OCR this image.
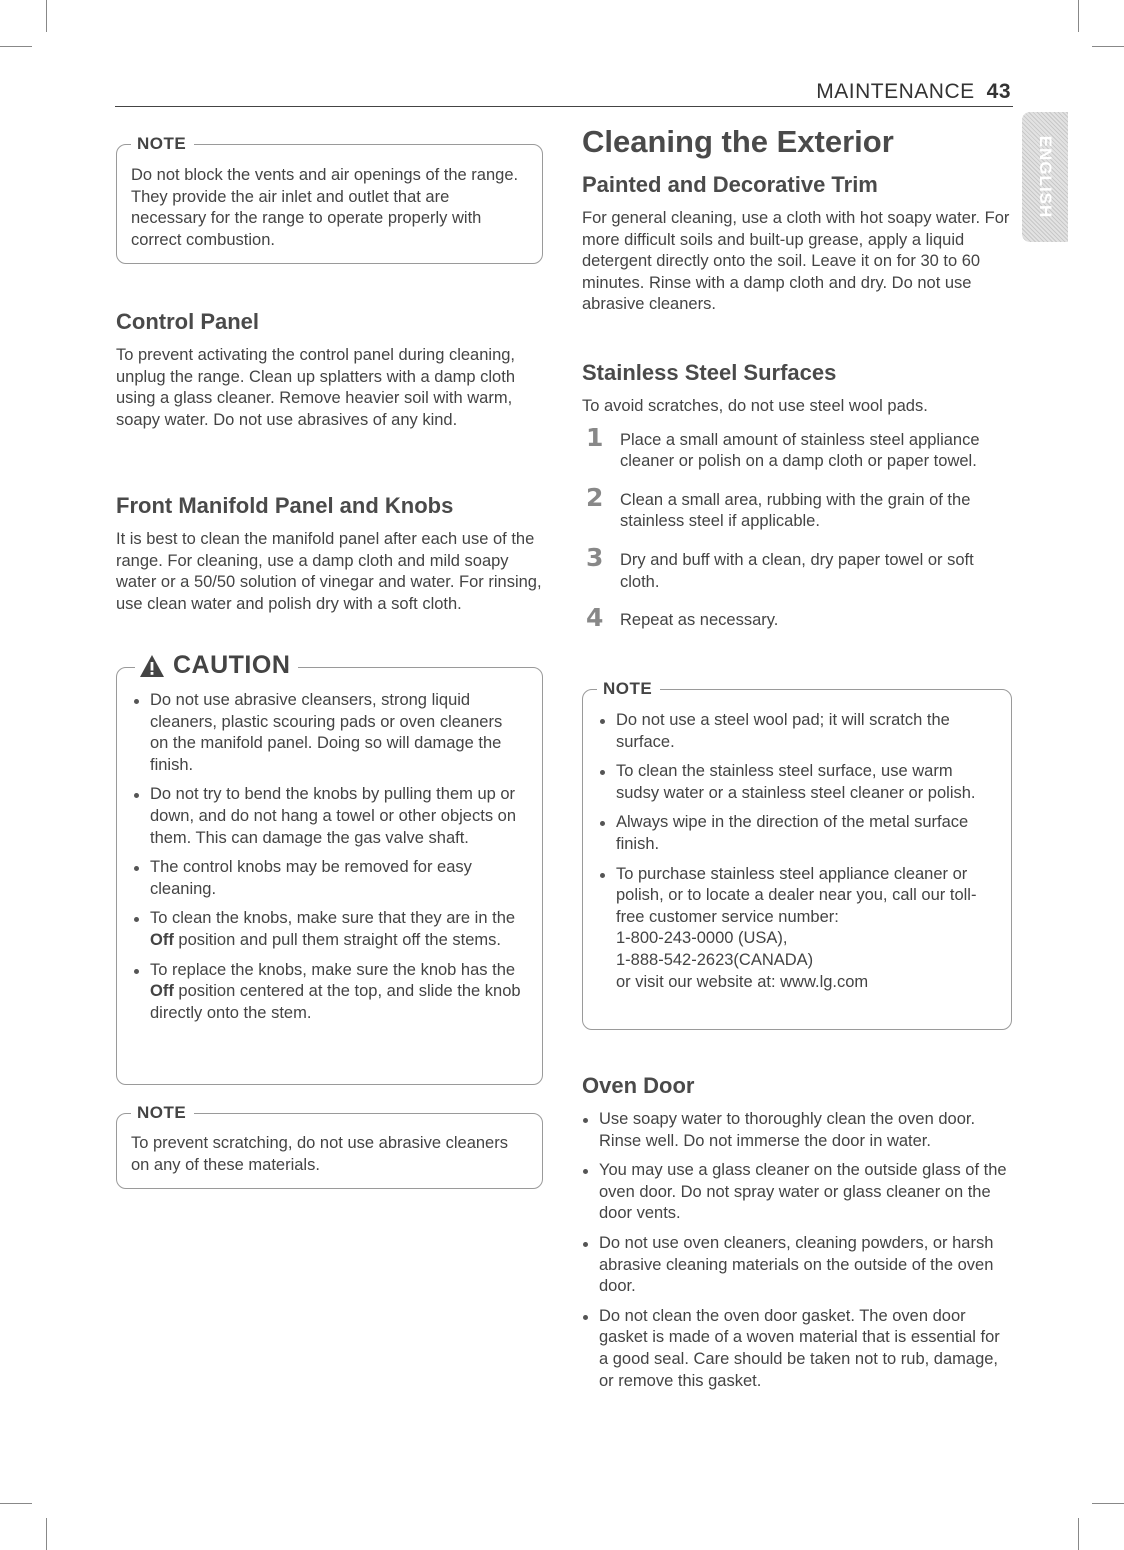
MAINTENANCE 43
ENGLISH
NOTE
Do not block the vents and air openings of the range. They provide the air inlet and outlet that are necessary for the range to operate properly with correct combustion.
Control Panel

To prevent activating the control panel during cleaning, unplug the range. Clean up splatters with a damp cloth using a glass cleaner. Remove heavier soil with warm, soapy water. Do not use abrasives of any kind.

Front Manifold Panel and Knobs

It is best to clean the manifold panel after each use of the range. For cleaning, use a damp cloth and mild soapy water or a 50/50 solution of vinegar and water. For rinsing, use clean water and polish dry with a soft cloth.

CAUTION
Do not use abrasive cleansers, strong liquid cleaners, plastic scouring pads or oven cleaners on the manifold panel. Doing so will damage the finish.
Do not try to bend the knobs by pulling them up or down, and do not hang a towel or other objects on them. This can damage the gas valve shaft.
The control knobs may be removed for easy cleaning.
To clean the knobs, make sure that they are in the Off position and pull them straight off the stems.
To replace the knobs, make sure the knob has the Off position centered at the top, and slide the knob directly onto the stem.
NOTE
To prevent scratching, do not use abrasive cleaners on any of these materials.
Cleaning the Exterior
Painted and Decorative Trim

For general cleaning, use a cloth with hot soapy water. For more difficult soils and built-up grease, apply a liquid detergent directly onto the soil. Leave it on for 30 to 60 minutes. Rinse with a damp cloth and dry. Do not use abrasive cleaners.

Stainless Steel Surfaces

To avoid scratches, do not use steel wool pads.

1 Place a small amount of stainless steel appliance cleaner or polish on a damp cloth or paper towel.
2 Clean a small area, rubbing with the grain of the stainless steel if applicable.
3 Dry and buff with a clean, dry paper towel or soft cloth.
4 Repeat as necessary.
NOTE
Do not use a steel wool pad; it will scratch the surface.
To clean the stainless steel surface, use warm sudsy water or a stainless steel cleaner or polish.
Always wipe in the direction of the metal surface finish.
To purchase stainless steel appliance cleaner or polish, or to locate a dealer near you, call our toll-free customer service number:
1-800-243-0000 (USA),
1-888-542-2623(CANADA)
or visit our website at: www.lg.com
Oven Door
Use soapy water to thoroughly clean the oven door. Rinse well. Do not immerse the door in water.
You may use a glass cleaner on the outside glass of the oven door. Do not spray water or glass cleaner on the door vents.
Do not use oven cleaners, cleaning powders, or harsh abrasive cleaning materials on the outside of the oven door.
Do not clean the oven door gasket. The oven door gasket is made of a woven material that is essential for a good seal. Care should be taken not to rub, damage, or remove this gasket.
